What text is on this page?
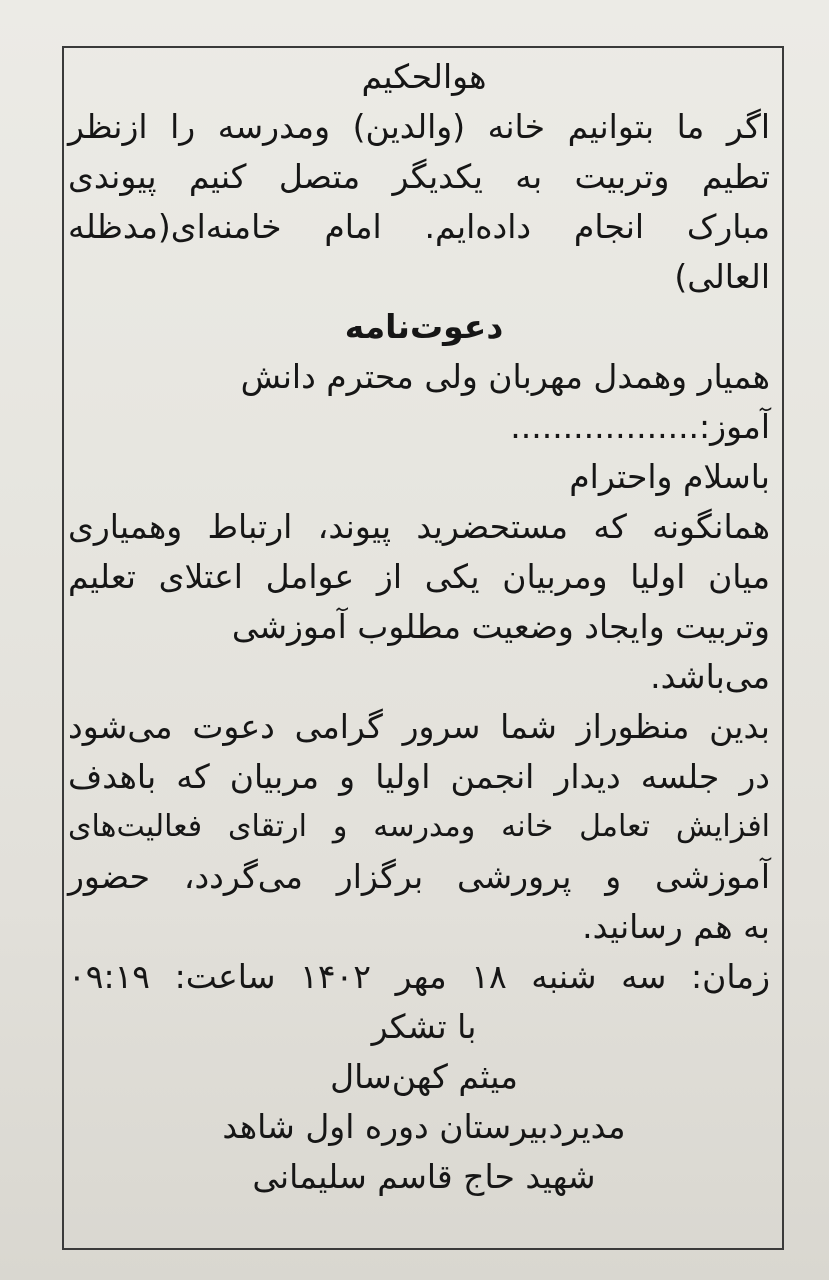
هوالحکیم
اگر ما بتوانیم خانه (والدین) ومدرسه را ازنظر
تطیم وتربیت به یکدیگر متصل کنیم پیوندی
مبارک انجام داده‌ایم. امام خامنه‌ای(مدظله
العالی)
دعوت‌نامه
همیار وهمدل مهربان ولی محترم دانش
آموز:..................
باسلام واحترام
همانگونه که مستحضرید پیوند، ارتباط وهمیاری
میان اولیا ومربیان یکی از عوامل اعتلای تعلیم
وتربیت وایجاد وضعیت مطلوب آموزشی
می‌باشد.
بدین منظوراز شما سرور گرامی دعوت می‌شود
در جلسه دیدار انجمن اولیا و مربیان که باهدف
افزایش تعامل خانه ومدرسه و ارتقای فعالیت‌های
آموزشی و پرورشی برگزار می‌گردد، حضور
به هم رسانید.
زمان: سه شنبه ۱۸ مهر ۱۴۰۲ ساعت: ۰۹:۱۹
با تشکر
میثم کهن‌سال
مدیردبیرستان دوره اول شاهد
شهید حاج قاسم سلیمانی
